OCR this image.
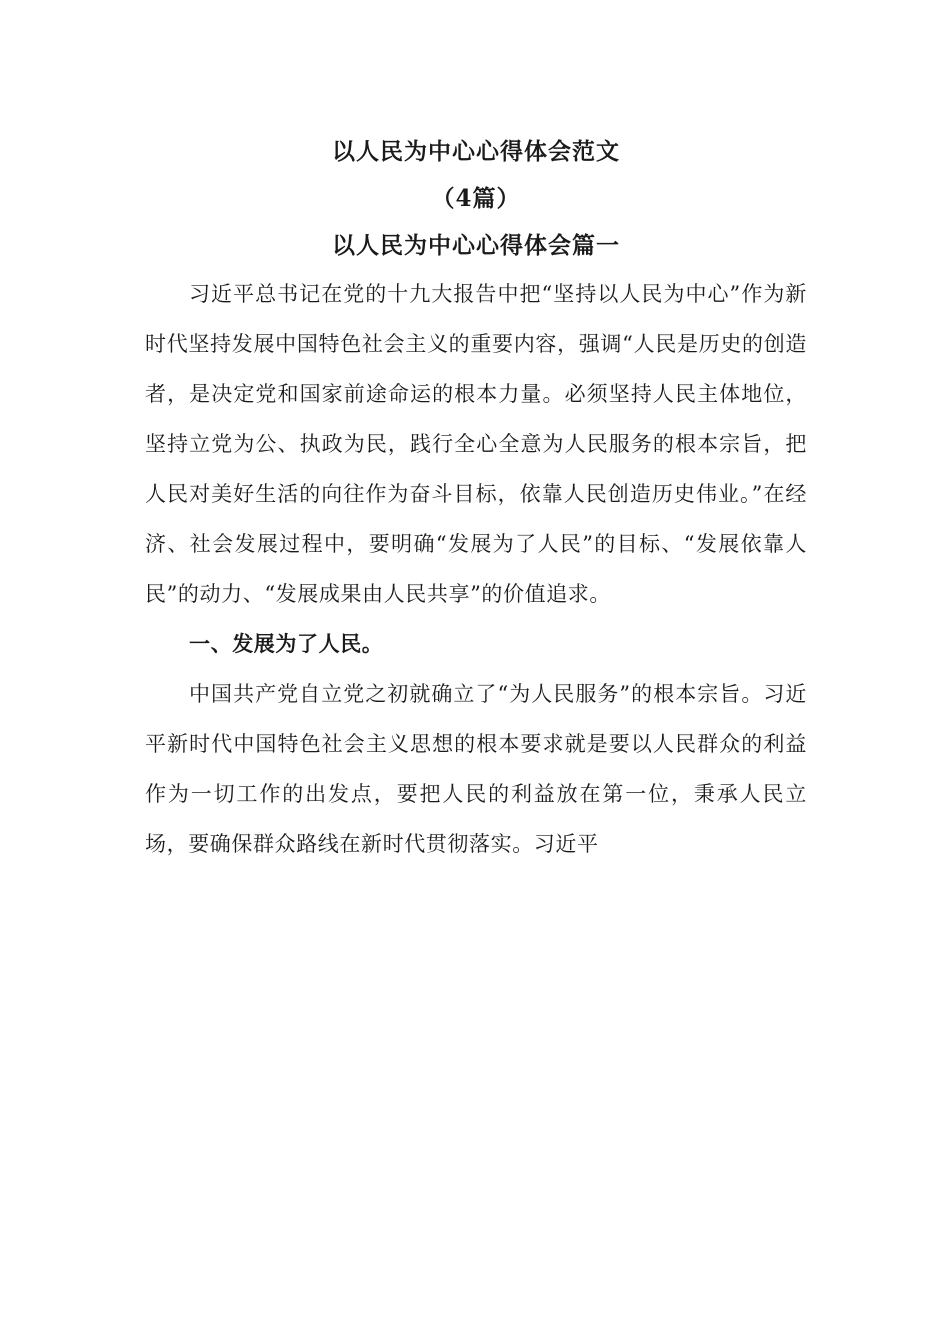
以人民为中心心得体会范文
（4篇）
以人民为中心心得体会篇一

习近平总书记在党的十九大报告中把“坚持以人民为中心”作为新时代坚持发展中国特色社会主义的重要内容，强调“人民是历史的创造者，是决定党和国家前途命运的根本力量。必须坚持人民主体地位，坚持立党为公、执政为民，践行全心全意为人民服务的根本宗旨，把人民对美好生活的向往作为奋斗目标，依靠人民创造历史伟业。”在经济、社会发展过程中，要明确“发展为了人民”的目标、“发展依靠人民”的动力、“发展成果由人民共享”的价值追求。

一、发展为了人民。

中国共产党自立党之初就确立了“为人民服务”的根本宗旨。习近平新时代中国特色社会主义思想的根本要求就是要以人民群众的利益作为一切工作的出发点，要把人民的利益放在第一位，秉承人民立场，要确保群众路线在新时代贯彻落实。习近平
